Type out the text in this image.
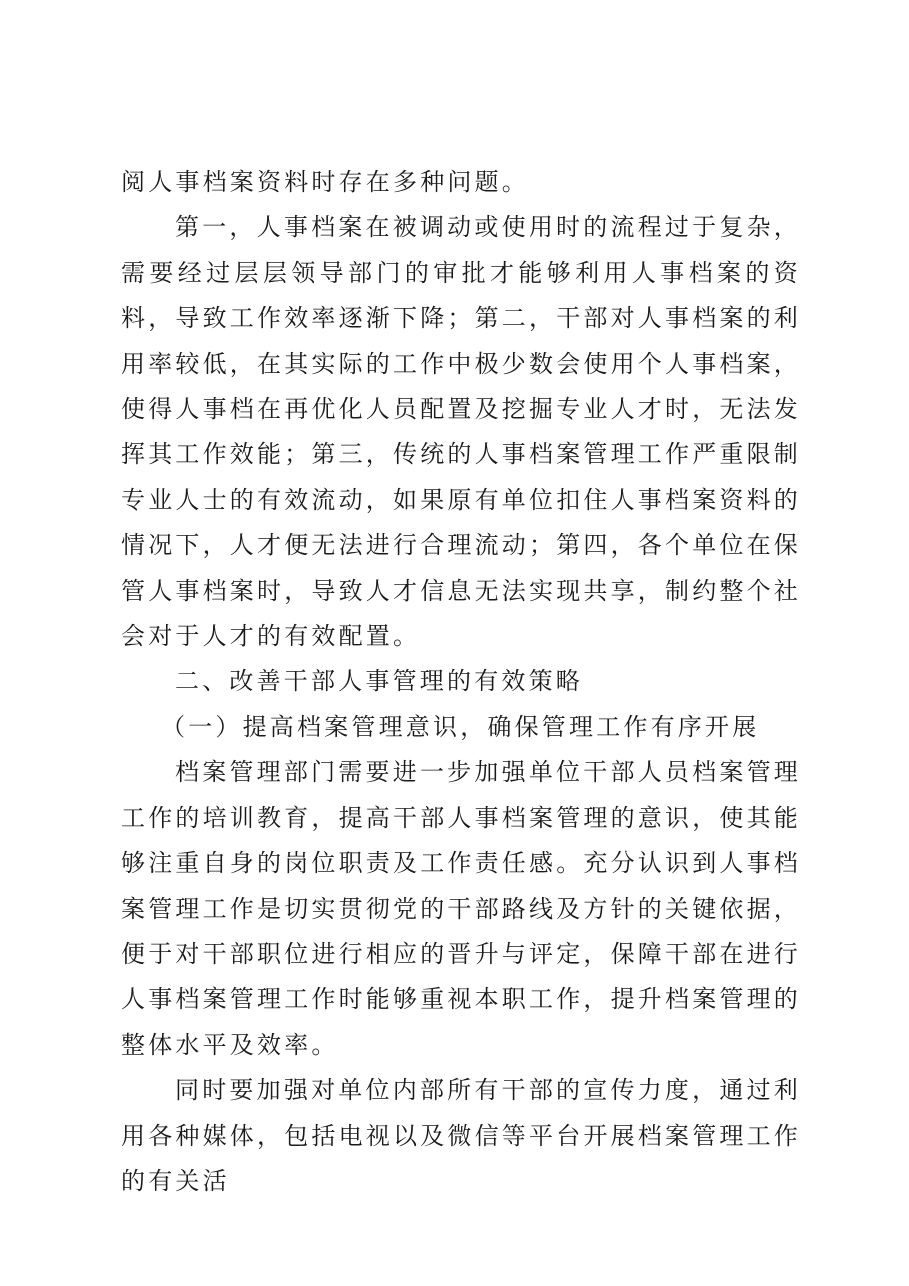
阅人事档案资料时存在多种问题。

第一，人事档案在被调动或使用时的流程过于复杂，需要经过层层领导部门的审批才能够利用人事档案的资料，导致工作效率逐渐下降；第二，干部对人事档案的利用率较低，在其实际的工作中极少数会使用个人事档案，使得人事档在再优化人员配置及挖掘专业人才时，无法发挥其工作效能；第三，传统的人事档案管理工作严重限制专业人士的有效流动，如果原有单位扣住人事档案资料的情况下，人才便无法进行合理流动；第四，各个单位在保管人事档案时，导致人才信息无法实现共享，制约整个社会对于人才的有效配置。

二、改善干部人事管理的有效策略

（一）提高档案管理意识，确保管理工作有序开展

档案管理部门需要进一步加强单位干部人员档案管理工作的培训教育，提高干部人事档案管理的意识，使其能够注重自身的岗位职责及工作责任感。充分认识到人事档案管理工作是切实贯彻党的干部路线及方针的关键依据，便于对干部职位进行相应的晋升与评定，保障干部在进行人事档案管理工作时能够重视本职工作，提升档案管理的整体水平及效率。

同时要加强对单位内部所有干部的宣传力度，通过利用各种媒体，包括电视以及微信等平台开展档案管理工作的有关活
